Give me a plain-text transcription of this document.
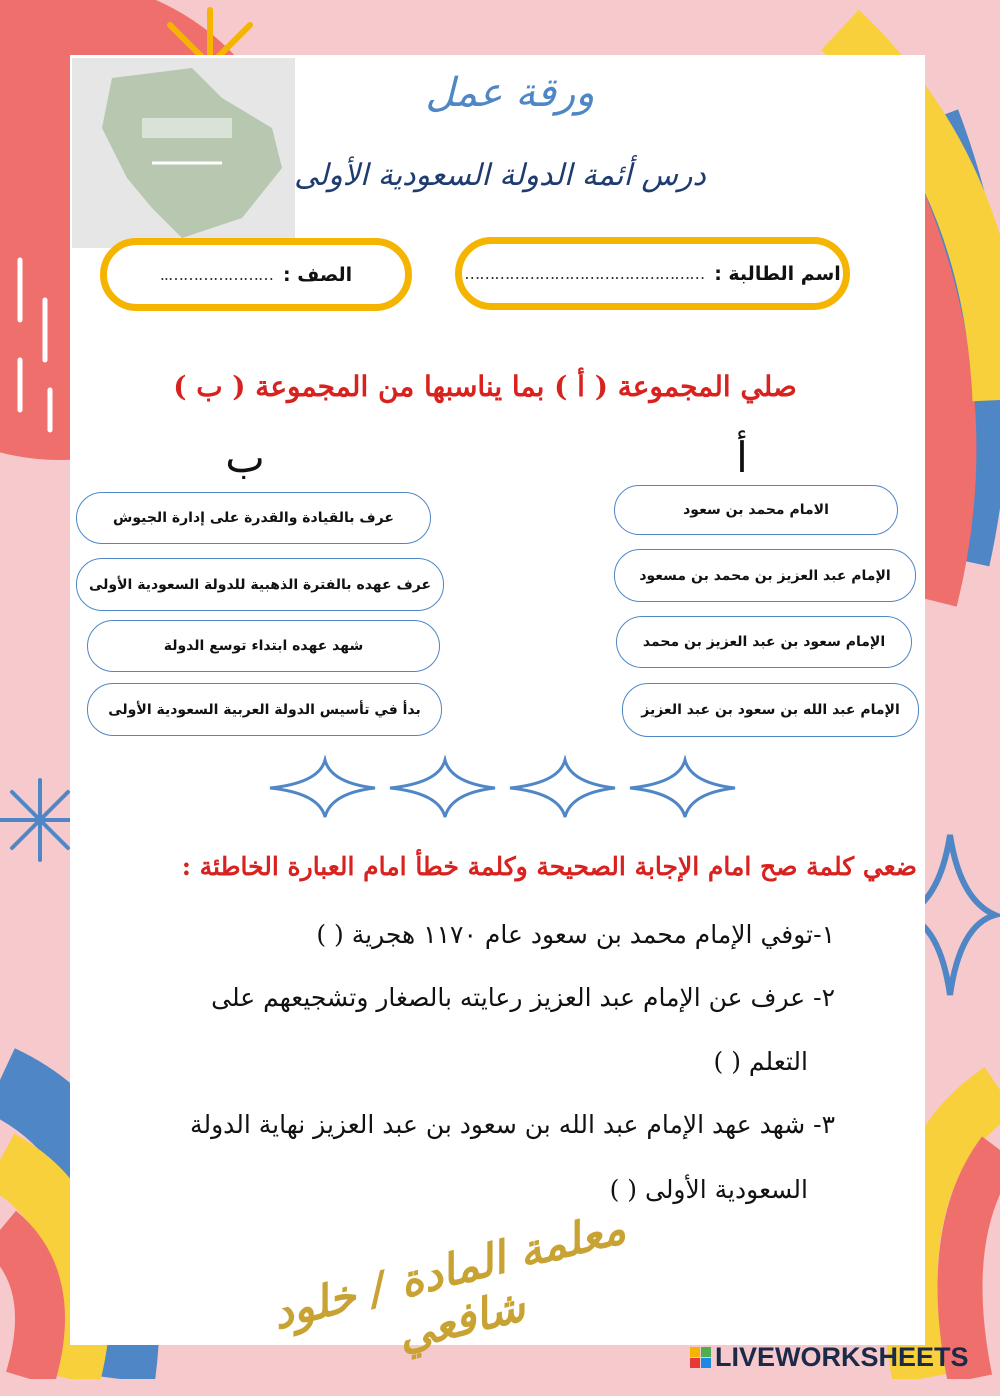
ورقة عمل
درس أئمة الدولة السعودية الأولى
اسم الطالبة :
…………………………………………
الصف :
…………………..
صلي المجموعة ( أ ) بما يناسبها من المجموعة ( ب )
أ
ب
الامام محمد بن سعود
الإمام عبد العزيز بن محمد بن مسعود
الإمام سعود بن عبد العزيز بن محمد
الإمام عبد الله بن سعود بن عبد العزيز
عرف بالقيادة والقدرة على إدارة الجيوش
عرف عهده بالفترة الذهبية للدولة السعودية الأولى
شهد عهده ابتداء توسع الدولة
بدأ في تأسيس الدولة العربية السعودية الأولى
ضعي كلمة صح امام الإجابة الصحيحة وكلمة خطأ امام العبارة الخاطئة :
١-توفي الإمام محمد بن سعود عام ١١٧٠ هجرية ( )
٢- عرف عن الإمام عبد العزيز رعايته بالصغار وتشجيعهم على
التعلم ( )
٣- شهد عهد الإمام عبد الله بن سعود بن عبد العزيز نهاية الدولة
السعودية الأولى ( )
معلمة المادة / خلود شافعي	LIVEWORKSHEETS
